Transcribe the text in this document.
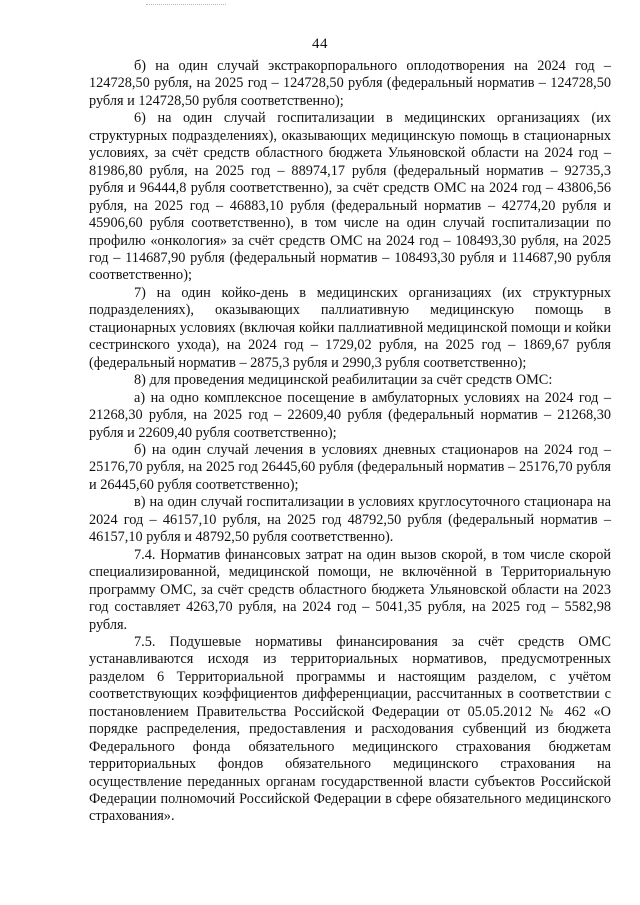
44

б) на один случай экстракорпорального оплодотворения на 2024 год – 124728,50 рубля, на 2025 год – 124728,50 рубля (федеральный норматив – 124728,50 рубля и 124728,50 рубля соответственно);

6) на один случай госпитализации в медицинских организациях (их структурных подразделениях), оказывающих медицинскую помощь в стационарных условиях, за счёт средств областного бюджета Ульяновской области на 2024 год – 81986,80 рубля, на 2025 год – 88974,17 рубля (федеральный норматив – 92735,3 рубля и 96444,8 рубля соответственно), за счёт средств ОМС на 2024 год – 43806,56 рубля, на 2025 год – 46883,10 рубля (федеральный норматив – 42774,20 рубля и 45906,60 рубля соответственно), в том числе на один случай госпитализации по профилю «онкология» за счёт средств ОМС на 2024 год – 108493,30 рубля, на 2025 год – 114687,90 рубля (федеральный норматив – 108493,30 рубля и 114687,90 рубля соответственно);

7) на один койко-день в медицинских организациях (их структурных подразделениях), оказывающих паллиативную медицинскую помощь в стационарных условиях (включая койки паллиативной медицинской помощи и койки сестринского ухода), на 2024 год – 1729,02 рубля, на 2025 год – 1869,67 рубля (федеральный норматив – 2875,3 рубля и 2990,3 рубля соответственно);

8) для проведения медицинской реабилитации за счёт средств ОМС:

а) на одно комплексное посещение в амбулаторных условиях на 2024 год – 21268,30 рубля, на 2025 год – 22609,40 рубля (федеральный норматив – 21268,30 рубля и 22609,40 рубля соответственно);

б) на один случай лечения в условиях дневных стационаров на 2024 год – 25176,70 рубля, на 2025 год 26445,60 рубля (федеральный норматив – 25176,70 рубля и 26445,60 рубля соответственно);

в) на один случай госпитализации в условиях круглосуточного стационара на 2024 год – 46157,10 рубля, на 2025 год 48792,50 рубля (федеральный норматив – 46157,10 рубля и 48792,50 рубля соответственно).

7.4. Норматив финансовых затрат на один вызов скорой, в том числе скорой специализированной, медицинской помощи, не включённой в Территориальную программу ОМС, за счёт средств областного бюджета Ульяновской области на 2023 год составляет 4263,70 рубля, на 2024 год – 5041,35 рубля, на 2025 год – 5582,98 рубля.

7.5. Подушевые нормативы финансирования за счёт средств ОМС устанавливаются исходя из территориальных нормативов, предусмотренных разделом 6 Территориальной программы и настоящим разделом, с учётом соответствующих коэффициентов дифференциации, рассчитанных в соответствии с постановлением Правительства Российской Федерации от 05.05.2012 № 462 «О порядке распределения, предоставления и расходования субвенций из бюджета Федерального фонда обязательного медицинского страхования бюджетам территориальных фондов обязательного медицинского страхования на осуществление переданных органам государственной власти субъектов Российской Федерации полномочий Российской Федерации в сфере обязательного медицинского страхования».
